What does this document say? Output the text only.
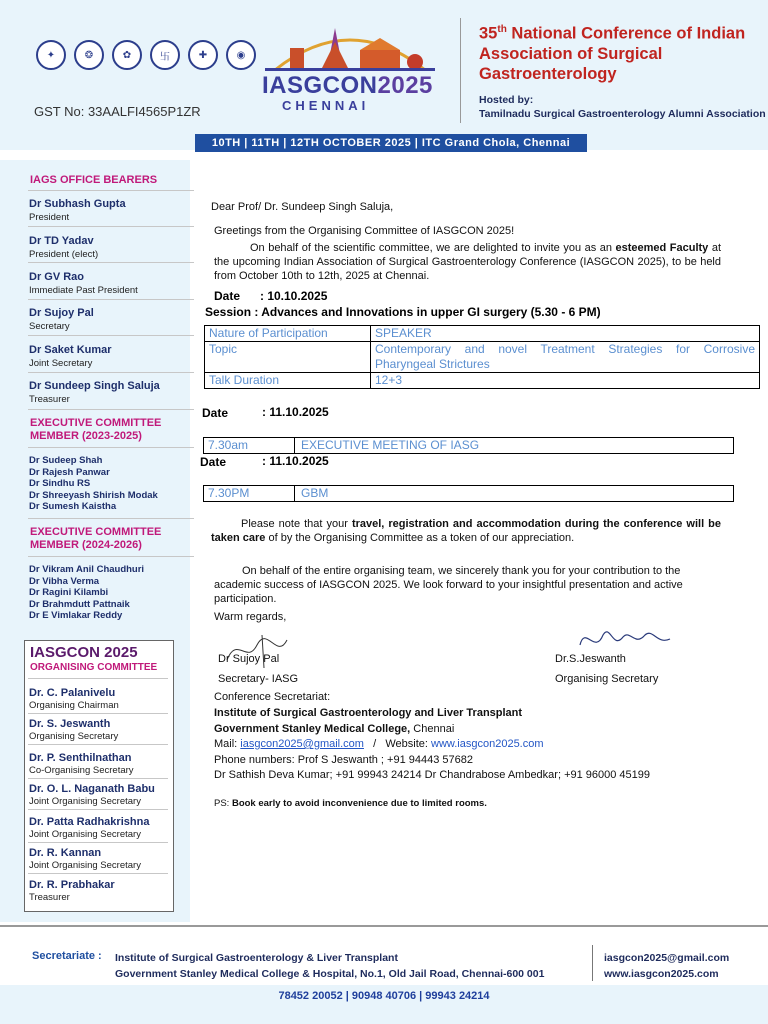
✦	❂	✿	卐	✚	◉
GST No: 33AALFI4565P1ZR
IASGCON2025
CHENNAI
35th National Conference of Indian Association of Surgical Gastroenterology
Hosted by:
Tamilnadu Surgical Gastroenterology Alumni Association
10TH | 11TH | 12TH OCTOBER 2025 | ITC Grand Chola, Chennai
IAGS OFFICE BEARERS
Dr Subhash Gupta
President
Dr TD Yadav
President (elect)
Dr GV Rao
Immediate Past President
Dr Sujoy Pal
Secretary
Dr Saket Kumar
Joint Secretary
Dr Sundeep Singh Saluja
Treasurer
EXECUTIVE COMMITTEE
MEMBER (2023-2025)
Dr Sudeep Shah
Dr Rajesh Panwar
Dr Sindhu RS
Dr Shreeyash Shirish Modak
Dr Sumesh Kaistha
EXECUTIVE COMMITTEE
MEMBER (2024-2026)
Dr Vikram Anil Chaudhuri
Dr Vibha Verma
Dr Ragini Kilambi
Dr Brahmdutt Pattnaik
Dr E Vimlakar Reddy
IASGCON 2025
ORGANISING COMMITTEE
Dr. C. Palanivelu
Organising Chairman
Dr. S. Jeswanth
Organising Secretary
Dr. P. Senthilnathan
Co-Organising Secretary
Dr. O. L. Naganath Babu
Joint Organising Secretary
Dr. Patta Radhakrishna
Joint Organising Secretary
Dr. R. Kannan
Joint Organising Secretary
Dr. R. Prabhakar
Treasurer
Dear Prof/ Dr. Sundeep Singh Saluja,
Greetings from the Organising Committee of IASGCON 2025!
On behalf of the scientific committee, we are delighted to invite you as an esteemed Faculty at the upcoming Indian Association of Surgical Gastroenterology Conference (IASGCON 2025), to be held from October 10th to 12th, 2025 at Chennai.
Date : 10.10.2025
Session : Advances and Innovations in upper GI surgery (5.30 - 6 PM)
Nature of Participation	SPEAKER
Topic	Contemporary and novel Treatment Strategies for Corrosive Pharyngeal Strictures
Talk Duration	12+3
Date	: 11.10.2025
7.30am	EXECUTIVE MEETING OF IASG
Date	: 11.10.2025
7.30PM	GBM
Please note that your travel, registration and accommodation during the conference will be taken care of by the Organising Committee as a token of our appreciation.
On behalf of the entire organising team, we sincerely thank you for your contribution to the academic success of IASGCON 2025. We look forward to your insightful presentation and active participation.
Warm regards,
Dr Sujoy Pal
Secretary- IASG
Dr.S.Jeswanth
Organising Secretary
Conference Secretariat:
Institute of Surgical Gastroenterology and Liver Transplant
Government Stanley Medical College, Chennai
Mail: iasgcon2025@gmail.com   /   Website: www.iasgcon2025.com
Phone numbers: Prof S Jeswanth ; +91 94443 57682
Dr Sathish Deva Kumar; +91 99943 24214 Dr Chandrabose Ambedkar; +91 96000 45199
PS: Book early to avoid inconvenience due to limited rooms.
Secretariate : Institute of Surgical Gastroenterology & Liver Transplant
Government Stanley Medical College & Hospital, No.1, Old Jail Road, Chennai-600 001
iasgcon2025@gmail.com
www.iasgcon2025.com
78452 20052 | 90948 40706 | 99943 24214
